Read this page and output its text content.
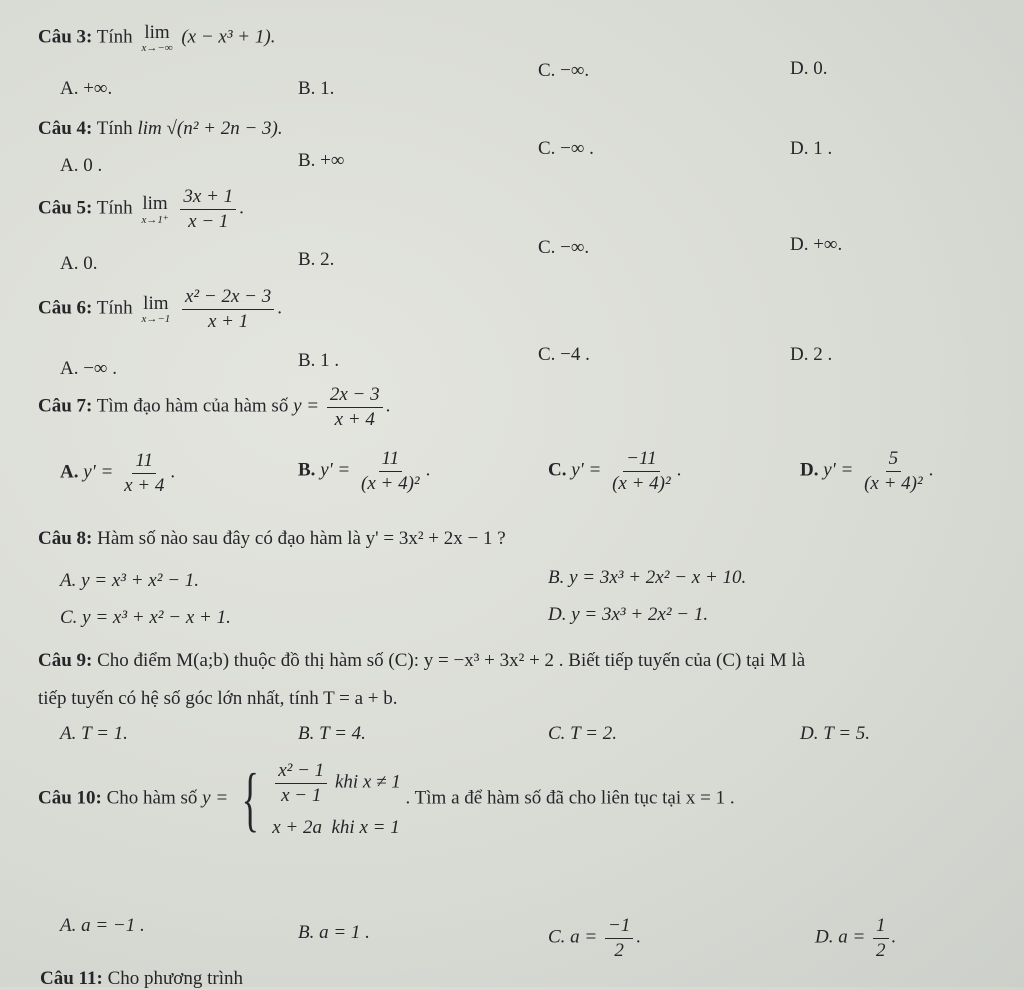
Câu 3: Tính lim
x→−∞
(x − x³ + 1).
A. +∞.	B. 1.
C. −∞.	D. 0.
Câu 4: Tính lim √(n² + 2n − 3).
A. 0 .	B. +∞
C. −∞ .	D. 1 .
Câu 5: Tính lim
x→1⁺
$\frac{3x + 1}{x - 1}$ .
A. 0.	B. 2.
C. −∞.	D. +∞.
Câu 6: Tính lim
x→−1
$\frac{\text{x² − 2x − 3}}{x + 1}$ .
A. −∞ .	B. 1 .	C. −4 .	D. 2 .
Câu 7: Tìm đạo hàm của hàm số $y = \frac{2x - 3}{x + 4}$ .
A. $y' = \frac{11}{x + 4}$ .	B. $y' = \frac{11}{\text{(x + 4)²}}$ .	C. $y' = \frac{-11}{\text{(x + 4)²}}$ .	D. $y' = \frac{5}{\text{(x + 4)²}}$ .
Câu 8: Hàm số nào sau đây có đạo hàm là y' = 3x² + 2x − 1 ?
A. y = x³ + x² − 1.	B. y = 3x³ + 2x² − x + 10.
C. y = x³ + x² − x + 1.	D. y = 3x³ + 2x² − 1.
Câu 9: Cho điểm M(a;b) thuộc đồ thị hàm số (C): y = −x³ + 3x² + 2 . Biết tiếp tuyến của (C) tại M là
tiếp tuyến có hệ số góc lớn nhất, tính T = a + b.
A. T = 1.	B. T = 4.	C. T = 2.	D. T = 5.
Câu 10: Cho hàm số y = { $\frac{\text{x² − 1}}{x - 1}$ khi x ≠ 1
x + 2a khi x = 1
. Tìm a để hàm số đã cho liên tục tại x = 1 .
A. a = −1 .	B. a = 1 .	C. $a = \frac{-1}{2}$ .	D. $a = \frac{1}{2}$ .
Câu 11: Cho phương trình
